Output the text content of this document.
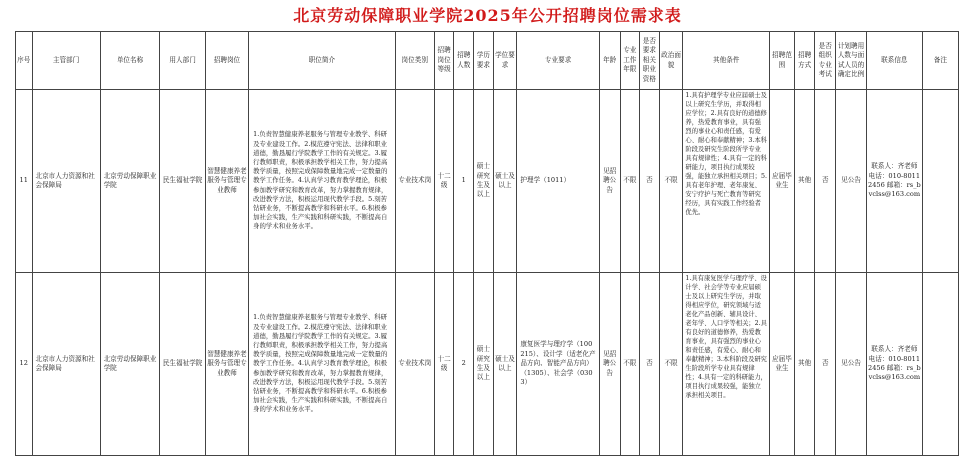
北京劳动保障职业学院2025年公开招聘岗位需求表
序号	主管部门	单位名称	用人部门	招聘岗位	职位简介	岗位类别	招聘岗位等级	招聘人数	学历要求	学位要求	专业要求	年龄	专业工作年限	是否要求相关职业资格	政治面貌	其他条件	招聘范围	招聘方式	是否组织专业考试	计划聘用人数与面试人员的确定比例	联系信息	备注
11	北京市人力资源和社会保障局	北京劳动保障职业学院	民生福祉学院	智慧健康养老服务与管理专业教师	1.负责智慧健康养老服务与管理专业教学、科研及专业建设工作。2.模范遵守宪法、法律和职业道德，勤恳履行学院教学工作的有关规定。3.履行教师职责，积极承担教学相关工作，努力提高教学质量，按照完成保障数量地完成一定数量的教学工作任务。4.认真学习教育教学理论，积极参加教学研究和教育改革，努力掌握教育规律，改进教学方法，积极运用现代教学手段。5.刻苦钻研业务，不断提高教学和科研水平。6.积极参加社会实践，生产实践和科研实践，不断提高自身的学术和业务水平。	专业技术岗	十二级	1	硕士研究生及以上	硕士及以上	护理学（1011）	见招聘公告	不限	否	不限	1.具有护理学专业应届硕士及以上研究生学历，并取得相应学位；2.具有良好的道德修养，热爱教育事业，具有强烈的事业心和责任感，有爱心、耐心和奉献精神；3.本科阶段及研究生阶段所学专业具有规律性；4.具有一定的科研能力，项目执行成果较强，能独立承担相关项目；5.具有老年护理、老年康复、安宁疗护与死亡教育等研究经历，具有实践工作经验者优先。	应届毕业生	其他	否	见公告	联系人：齐老师 电话：010-80112456 邮箱：rs_bvclss@163.com	
12	北京市人力资源和社会保障局	北京劳动保障职业学院	民生福祉学院	智慧健康养老服务与管理专业教师	1.负责智慧健康养老服务与管理专业教学、科研及专业建设工作。2.模范遵守宪法、法律和职业道德，勤恳履行学院教学工作的有关规定。3.履行教师职责，积极承担教学相关工作，努力提高教学质量，按照完成保障数量地完成一定数量的教学工作任务。4.认真学习教育教学理论，积极参加教学研究和教育改革，努力掌握教育规律，改进教学方法，积极运用现代教学手段。5.刻苦钻研业务，不断提高教学和科研水平。6.积极参加社会实践，生产实践和科研实践，不断提高自身的学术和业务水平。	专业技术岗	十二级	2	硕士研究生及以上	硕士及以上	康复医学与理疗学（100215）、设计学（适老化产品方向、智能产品方向）（1305）、社会学（0303）	见招聘公告	不限	否	不限	1.具有康复医学与理疗学、设计学、社会学等专业应届硕士及以上研究生学历，并取得相应学位，研究领域与适老化产品创新、辅具设计、老年学、人口学等相关；2.具有良好的道德修养，热爱教育事业，具有强烈的事业心和责任感，有爱心、耐心和奉献精神；3.本科阶段及研究生阶段所学专业具有规律性；4.具有一定的科研能力，项目执行成果较强，能独立承担相关项目。	应届毕业生	其他	否	见公告	联系人：齐老师 电话：010-80112456 邮箱：rs_bvclss@163.com	
